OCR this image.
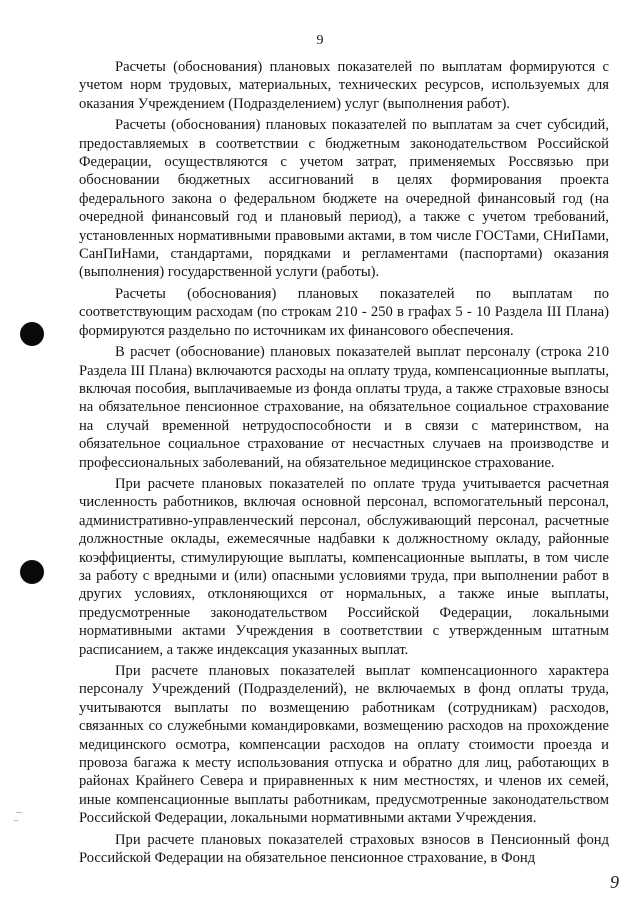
9

Расчеты (обоснования) плановых показателей по выплатам формируются с учетом норм трудовых, материальных, технических ресурсов, используемых для оказания Учреждением (Подразделением) услуг (выполнения работ).

Расчеты (обоснования) плановых показателей по выплатам за счет субсидий, предоставляемых в соответствии с бюджетным законодательством Российской Федерации, осуществляются с учетом затрат, применяемых Россвязью при обосновании бюджетных ассигнований в целях формирования проекта федерального закона о федеральном бюджете на очередной финансовый год (на очередной финансовый год и плановый период), а также с учетом требований, установленных нормативными правовыми актами, в том числе ГОСТами, СНиПами, СанПиНами, стандартами, порядками и регламентами (паспортами) оказания (выполнения) государственной услуги (работы).

Расчеты (обоснования) плановых показателей по выплатам по соответствующим расходам (по строкам 210 - 250 в графах 5 - 10 Раздела III Плана) формируются раздельно по источникам их финансового обеспечения.

В расчет (обоснование) плановых показателей выплат персоналу (строка 210 Раздела III Плана) включаются расходы на оплату труда, компенсационные выплаты, включая пособия, выплачиваемые из фонда оплаты труда, а также страховые взносы на обязательное пенсионное страхование, на обязательное социальное страхование на случай временной нетрудоспособности и в связи с материнством, на обязательное социальное страхование от несчастных случаев на производстве и профессиональных заболеваний, на обязательное медицинское страхование.

При расчете плановых показателей по оплате труда учитывается расчетная численность работников, включая основной персонал, вспомогательный персонал, административно-управленческий персонал, обслуживающий персонал, расчетные должностные оклады, ежемесячные надбавки к должностному окладу, районные коэффициенты, стимулирующие выплаты, компенсационные выплаты, в том числе за работу с вредными и (или) опасными условиями труда, при выполнении работ в других условиях, отклоняющихся от нормальных, а также иные выплаты, предусмотренные законодательством Российской Федерации, локальными нормативными актами Учреждения в соответствии с утвержденным штатным расписанием, а также индексация указанных выплат.

При расчете плановых показателей выплат компенсационного характера персоналу Учреждений (Подразделений), не включаемых в фонд оплаты труда, учитываются выплаты по возмещению работникам (сотрудникам) расходов, связанных со служебными командировками, возмещению расходов на прохождение медицинского осмотра, компенсации расходов на оплату стоимости проезда и провоза багажа к месту использования отпуска и обратно для лиц, работающих в районах Крайнего Севера и приравненных к ним местностях, и членов их семей, иные компенсационные выплаты работникам, предусмотренные законодательством Российской Федерации, локальными нормативными актами Учреждения.

При расчете плановых показателей страховых взносов в Пенсионный фонд Российской Федерации на обязательное пенсионное страхование, в Фонд

9
